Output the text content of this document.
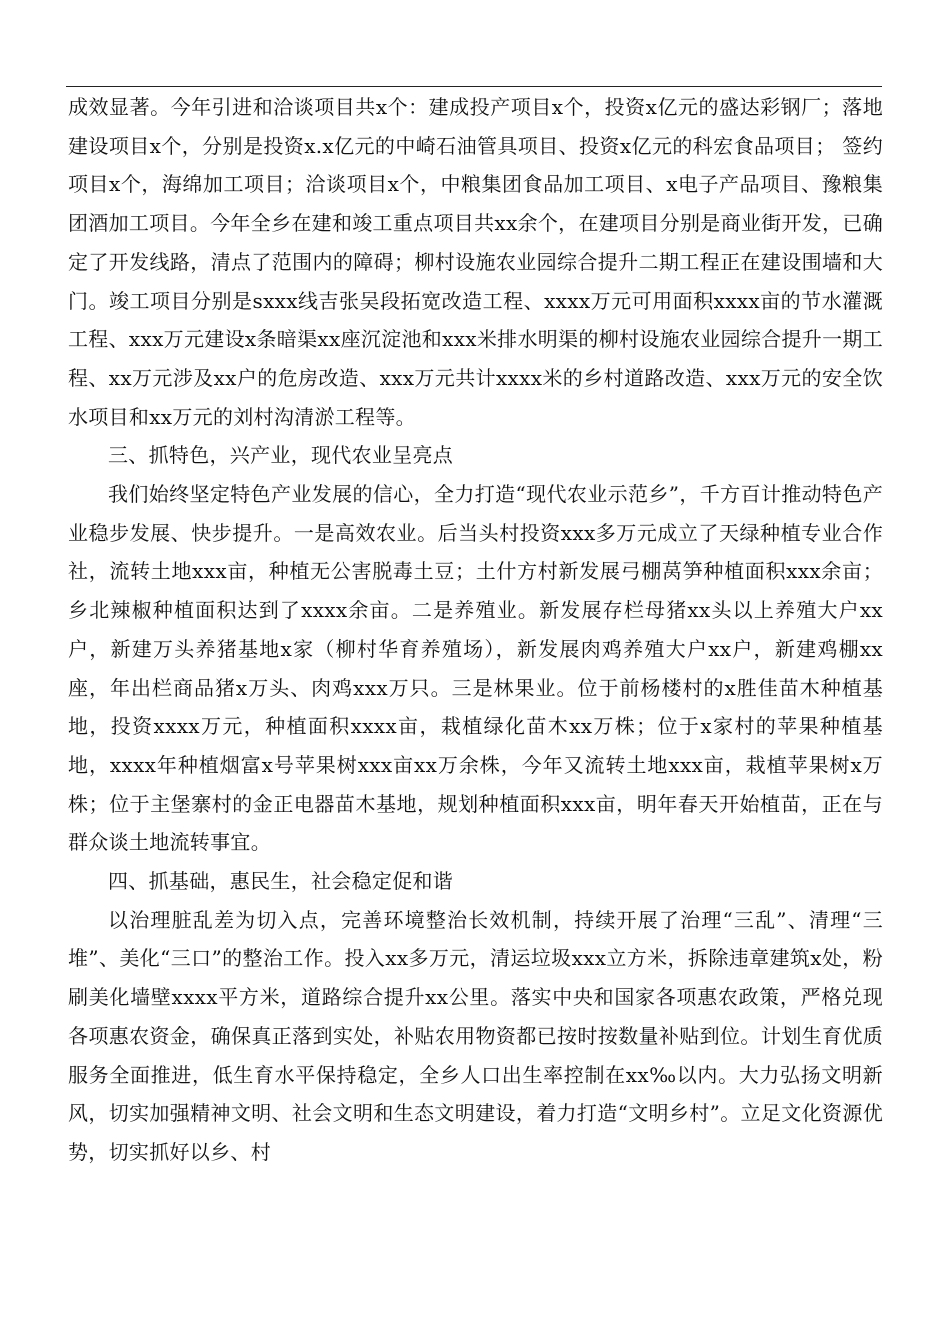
成效显著。今年引进和洽谈项目共x个：建成投产项目x个，投资x亿元的盛达彩钢厂；落地建设项目x个，分别是投资x.x亿元的中崎石油管具项目、投资x亿元的科宏食品项目； 签约项目x个，海绵加工项目；洽谈项目x个，中粮集团食品加工项目、x电子产品项目、豫粮集团酒加工项目。今年全乡在建和竣工重点项目共xx余个，在建项目分别是商业街开发，已确定了开发线路，清点了范围内的障碍；柳村设施农业园综合提升二期工程正在建设围墙和大门。竣工项目分别是sxxx线吉张吴段拓宽改造工程、xxxx万元可用面积xxxx亩的节水灌溉工程、xxx万元建设x条暗渠xx座沉淀池和xxx米排水明渠的柳村设施农业园综合提升一期工程、xx万元涉及xx户的危房改造、xxx万元共计xxxx米的乡村道路改造、xxx万元的安全饮水项目和xx万元的刘村沟清淤工程等。

三、抓特色，兴产业，现代农业呈亮点

我们始终坚定特色产业发展的信心，全力打造“现代农业示范乡”，千方百计推动特色产业稳步发展、快步提升。一是高效农业。后当头村投资xxx多万元成立了天绿种植专业合作社，流转土地xxx亩，种植无公害脱毒土豆；土什方村新发展弓棚莴笋种植面积xxx余亩；乡北辣椒种植面积达到了xxxx余亩。二是养殖业。新发展存栏母猪xx头以上养殖大户xx户，新建万头养猪基地x家（柳村华育养殖场），新发展肉鸡养殖大户xx户，新建鸡棚xx座，年出栏商品猪x万头、肉鸡xxx万只。三是林果业。位于前杨楼村的x胜佳苗木种植基地，投资xxxx万元，种植面积xxxx亩，栽植绿化苗木xx万株；位于x家村的苹果种植基地，xxxx年种植烟富x号苹果树xxx亩xx万余株，今年又流转土地xxx亩，栽植苹果树x万株；位于主堡寨村的金正电器苗木基地，规划种植面积xxx亩，明年春天开始植苗，正在与群众谈土地流转事宜。

四、抓基础，惠民生，社会稳定促和谐

以治理脏乱差为切入点，完善环境整治长效机制，持续开展了治理“三乱”、清理“三堆”、美化“三口”的整治工作。投入xx多万元，清运垃圾xxx立方米，拆除违章建筑x处，粉刷美化墙壁xxxx平方米，道路综合提升xx公里。落实中央和国家各项惠农政策，严格兑现各项惠农资金，确保真正落到实处，补贴农用物资都已按时按数量补贴到位。计划生育优质服务全面推进，低生育水平保持稳定，全乡人口出生率控制在xx‰以内。大力弘扬文明新风，切实加强精神文明、社会文明和生态文明建设，着力打造“文明乡村”。立足文化资源优势，切实抓好以乡、村
